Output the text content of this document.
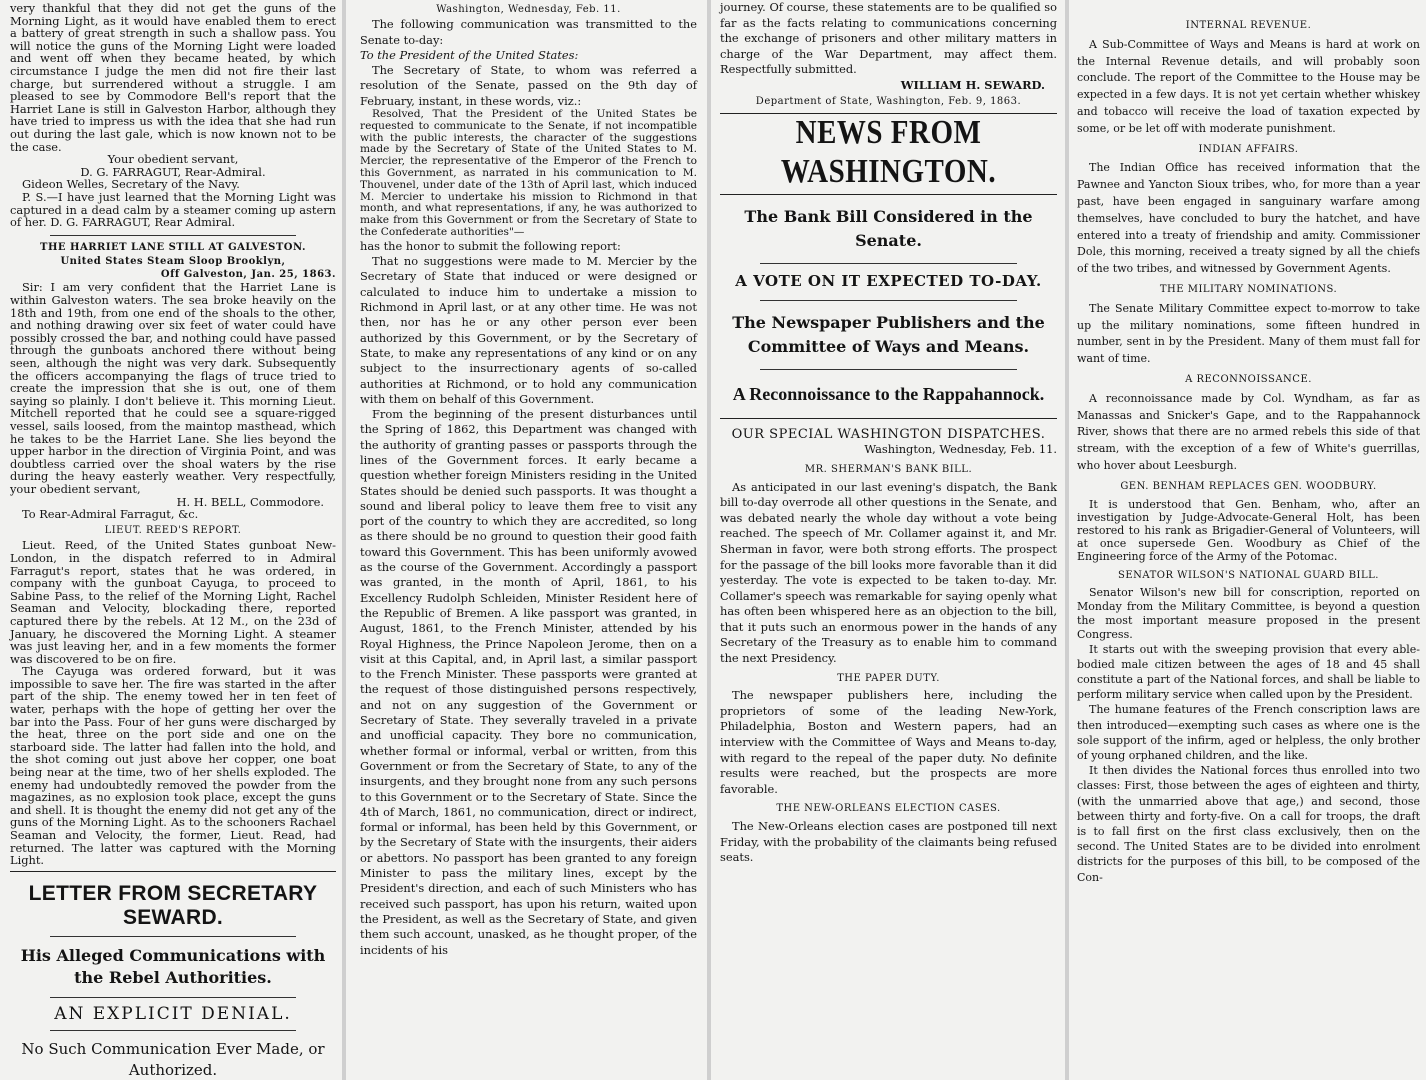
very thankful that they did not get the guns of the Morning Light, as it would have enabled them to erect a battery of great strength in such a shallow pass. You will notice the guns of the Morning Light were loaded and went off when they became heated, by which circumstance I judge the men did not fire their last charge, but surrendered without a struggle. I am pleased to see by Commodore Bell's report that the Harriet Lane is still in Galveston Harbor, although they have tried to impress us with the idea that she had run out during the last gale, which is now known not to be the case.

Your obedient servant,

D. G. FARRAGUT, Rear-Admiral.

Gideon Welles, Secretary of the Navy.

P. S.—I have just learned that the Morning Light was captured in a dead calm by a steamer coming up astern of her. D. G. FARRAGUT, Rear Admiral.

THE HARRIET LANE STILL AT GALVESTON.

United States Steam Sloop Brooklyn,

Off Galveston, Jan. 25, 1863.

Sir: I am very confident that the Harriet Lane is within Galveston waters. The sea broke heavily on the 18th and 19th, from one end of the shoals to the other, and nothing drawing over six feet of water could have possibly crossed the bar, and nothing could have passed through the gunboats anchored there without being seen, although the night was very dark. Subsequently the officers accompanying the flags of truce tried to create the impression that she is out, one of them saying so plainly. I don't believe it. This morning Lieut. Mitchell reported that he could see a square-rigged vessel, sails loosed, from the maintop masthead, which he takes to be the Harriet Lane. She lies beyond the upper harbor in the direction of Virginia Point, and was doubtless carried over the shoal waters by the rise during the heavy easterly weather. Very respectfully, your obedient servant,

H. H. BELL, Commodore.

To Rear-Admiral Farragut, &c.

LIEUT. REED'S REPORT.

Lieut. Reed, of the United States gunboat New-London, in the dispatch referred to in Admiral Farragut's report, states that he was ordered, in company with the gunboat Cayuga, to proceed to Sabine Pass, to the relief of the Morning Light, Rachel Seaman and Velocity, blockading there, reported captured there by the rebels. At 12 M., on the 23d of January, he discovered the Morning Light. A steamer was just leaving her, and in a few moments the former was discovered to be on fire.

The Cayuga was ordered forward, but it was impossible to save her. The fire was started in the after part of the ship. The enemy towed her in ten feet of water, perhaps with the hope of getting her over the bar into the Pass. Four of her guns were discharged by the heat, three on the port side and one on the starboard side. The latter had fallen into the hold, and the shot coming out just above her copper, one boat being near at the time, two of her shells exploded. The enemy had undoubtedly removed the powder from the magazines, as no explosion took place, except the guns and shell. It is thought the enemy did not get any of the guns of the Morning Light. As to the schooners Rachael Seaman and Velocity, the former, Lieut. Read, had returned. The latter was captured with the Morning Light.

LETTER FROM SECRETARY SEWARD.
His Alleged Communications with the Rebel Authorities.
AN EXPLICIT DENIAL.
No Such Communication Ever Made, or Authorized.

Washington, Wednesday, Feb. 11.

The following communication was transmitted to the Senate to-day:

To the President of the United States:

The Secretary of State, to whom was referred a resolution of the Senate, passed on the 9th day of February, instant, in these words, viz.:

Resolved, That the President of the United States be requested to communicate to the Senate, if not incompatible with the public interests, the character of the suggestions made by the Secretary of State of the United States to M. Mercier, the representative of the Emperor of the French to this Government, as narrated in his communication to M. Thouvenel, under date of the 13th of April last, which induced M. Mercier to undertake his mission to Richmond in that month, and what representations, if any, he was authorized to make from this Government or from the Secretary of State to the Confederate authorities"—

has the honor to submit the following report:

That no suggestions were made to M. Mercier by the Secretary of State that induced or were designed or calculated to induce him to undertake a mission to Richmond in April last, or at any other time. He was not then, nor has he or any other person ever been authorized by this Government, or by the Secretary of State, to make any representations of any kind or on any subject to the insurrectionary agents of so-called authorities at Richmond, or to hold any communication with them on behalf of this Government.

From the beginning of the present disturbances until the Spring of 1862, this Department was changed with the authority of granting passes or passports through the lines of the Government forces. It early became a question whether foreign Ministers residing in the United States should be denied such passports. It was thought a sound and liberal policy to leave them free to visit any port of the country to which they are accredited, so long as there should be no ground to question their good faith toward this Government. This has been uniformly avowed as the course of the Government. Accordingly a passport was granted, in the month of April, 1861, to his Excellency Rudolph Schleiden, Minister Resident here of the Republic of Bremen. A like passport was granted, in August, 1861, to the French Minister, attended by his Royal Highness, the Prince Napoleon Jerome, then on a visit at this Capital, and, in April last, a similar passport to the French Minister. These passports were granted at the request of those distinguished persons respectively, and not on any suggestion of the Government or Secretary of State. They severally traveled in a private and unofficial capacity. They bore no communication, whether formal or informal, verbal or written, from this Government or from the Secretary of State, to any of the insurgents, and they brought none from any such persons to this Government or to the Secretary of State. Since the 4th of March, 1861, no communication, direct or indirect, formal or informal, has been held by this Government, or by the Secretary of State with the insurgents, their aiders or abettors. No passport has been granted to any foreign Minister to pass the military lines, except by the President's direction, and each of such Ministers who has received such passport, has upon his return, waited upon the President, as well as the Secretary of State, and given them such account, unasked, as he thought proper, of the incidents of his

journey. Of course, these statements are to be qualified so far as the facts relating to communications concerning the exchange of prisoners and other military matters in charge of the War Department, may affect them. Respectfully submitted.

WILLIAM H. SEWARD.

Department of State, Washington, Feb. 9, 1863.

NEWS FROM WASHINGTON.
The Bank Bill Considered in the Senate.
A VOTE ON IT EXPECTED TO-DAY.
The Newspaper Publishers and the Committee of Ways and Means.
A Reconnoissance to the Rappahannock.
OUR SPECIAL WASHINGTON DISPATCHES.

Washington, Wednesday, Feb. 11.

MR. SHERMAN'S BANK BILL.

As anticipated in our last evening's dispatch, the Bank bill to-day overrode all other questions in the Senate, and was debated nearly the whole day without a vote being reached. The speech of Mr. Collamer against it, and Mr. Sherman in favor, were both strong efforts. The prospect for the passage of the bill looks more favorable than it did yesterday. The vote is expected to be taken to-day. Mr. Collamer's speech was remarkable for saying openly what has often been whispered here as an objection to the bill, that it puts such an enormous power in the hands of any Secretary of the Treasury as to enable him to command the next Presidency.

THE PAPER DUTY.

The newspaper publishers here, including the proprietors of some of the leading New-York, Philadelphia, Boston and Western papers, had an interview with the Committee of Ways and Means to-day, with regard to the repeal of the paper duty. No definite results were reached, but the prospects are more favorable.

THE NEW-ORLEANS ELECTION CASES.

The New-Orleans election cases are postponed till next Friday, with the probability of the claimants being refused seats.

INTERNAL REVENUE.

A Sub-Committee of Ways and Means is hard at work on the Internal Revenue details, and will probably soon conclude. The report of the Committee to the House may be expected in a few days. It is not yet certain whether whiskey and tobacco will receive the load of taxation expected by some, or be let off with moderate punishment.

INDIAN AFFAIRS.

The Indian Office has received information that the Pawnee and Yancton Sioux tribes, who, for more than a year past, have been engaged in sanguinary warfare among themselves, have concluded to bury the hatchet, and have entered into a treaty of friendship and amity. Commissioner Dole, this morning, received a treaty signed by all the chiefs of the two tribes, and witnessed by Government Agents.

THE MILITARY NOMINATIONS.

The Senate Military Committee expect to-morrow to take up the military nominations, some fifteen hundred in number, sent in by the President. Many of them must fall for want of time.

A RECONNOISSANCE.

A reconnoissance made by Col. Wyndham, as far as Manassas and Snicker's Gape, and to the Rappahannock River, shows that there are no armed rebels this side of that stream, with the exception of a few of White's guerrillas, who hover about Leesburgh.

GEN. BENHAM REPLACES GEN. WOODBURY.

It is understood that Gen. Benham, who, after an investigation by Judge-Advocate-General Holt, has been restored to his rank as Brigadier-General of Volunteers, will at once supersede Gen. Woodbury as Chief of the Engineering force of the Army of the Potomac.

SENATOR WILSON'S NATIONAL GUARD BILL.

Senator Wilson's new bill for conscription, reported on Monday from the Military Committee, is beyond a question the most important measure proposed in the present Congress.

It starts out with the sweeping provision that every able-bodied male citizen between the ages of 18 and 45 shall constitute a part of the National forces, and shall be liable to perform military service when called upon by the President.

The humane features of the French conscription laws are then introduced—exempting such cases as where one is the sole support of the infirm, aged or helpless, the only brother of young orphaned children, and the like.

It then divides the National forces thus enrolled into two classes: First, those between the ages of eighteen and thirty, (with the unmarried above that age,) and second, those between thirty and forty-five. On a call for troops, the draft is to fall first on the first class exclusively, then on the second. The United States are to be divided into enrolment districts for the purposes of this bill, to be composed of the Con-
